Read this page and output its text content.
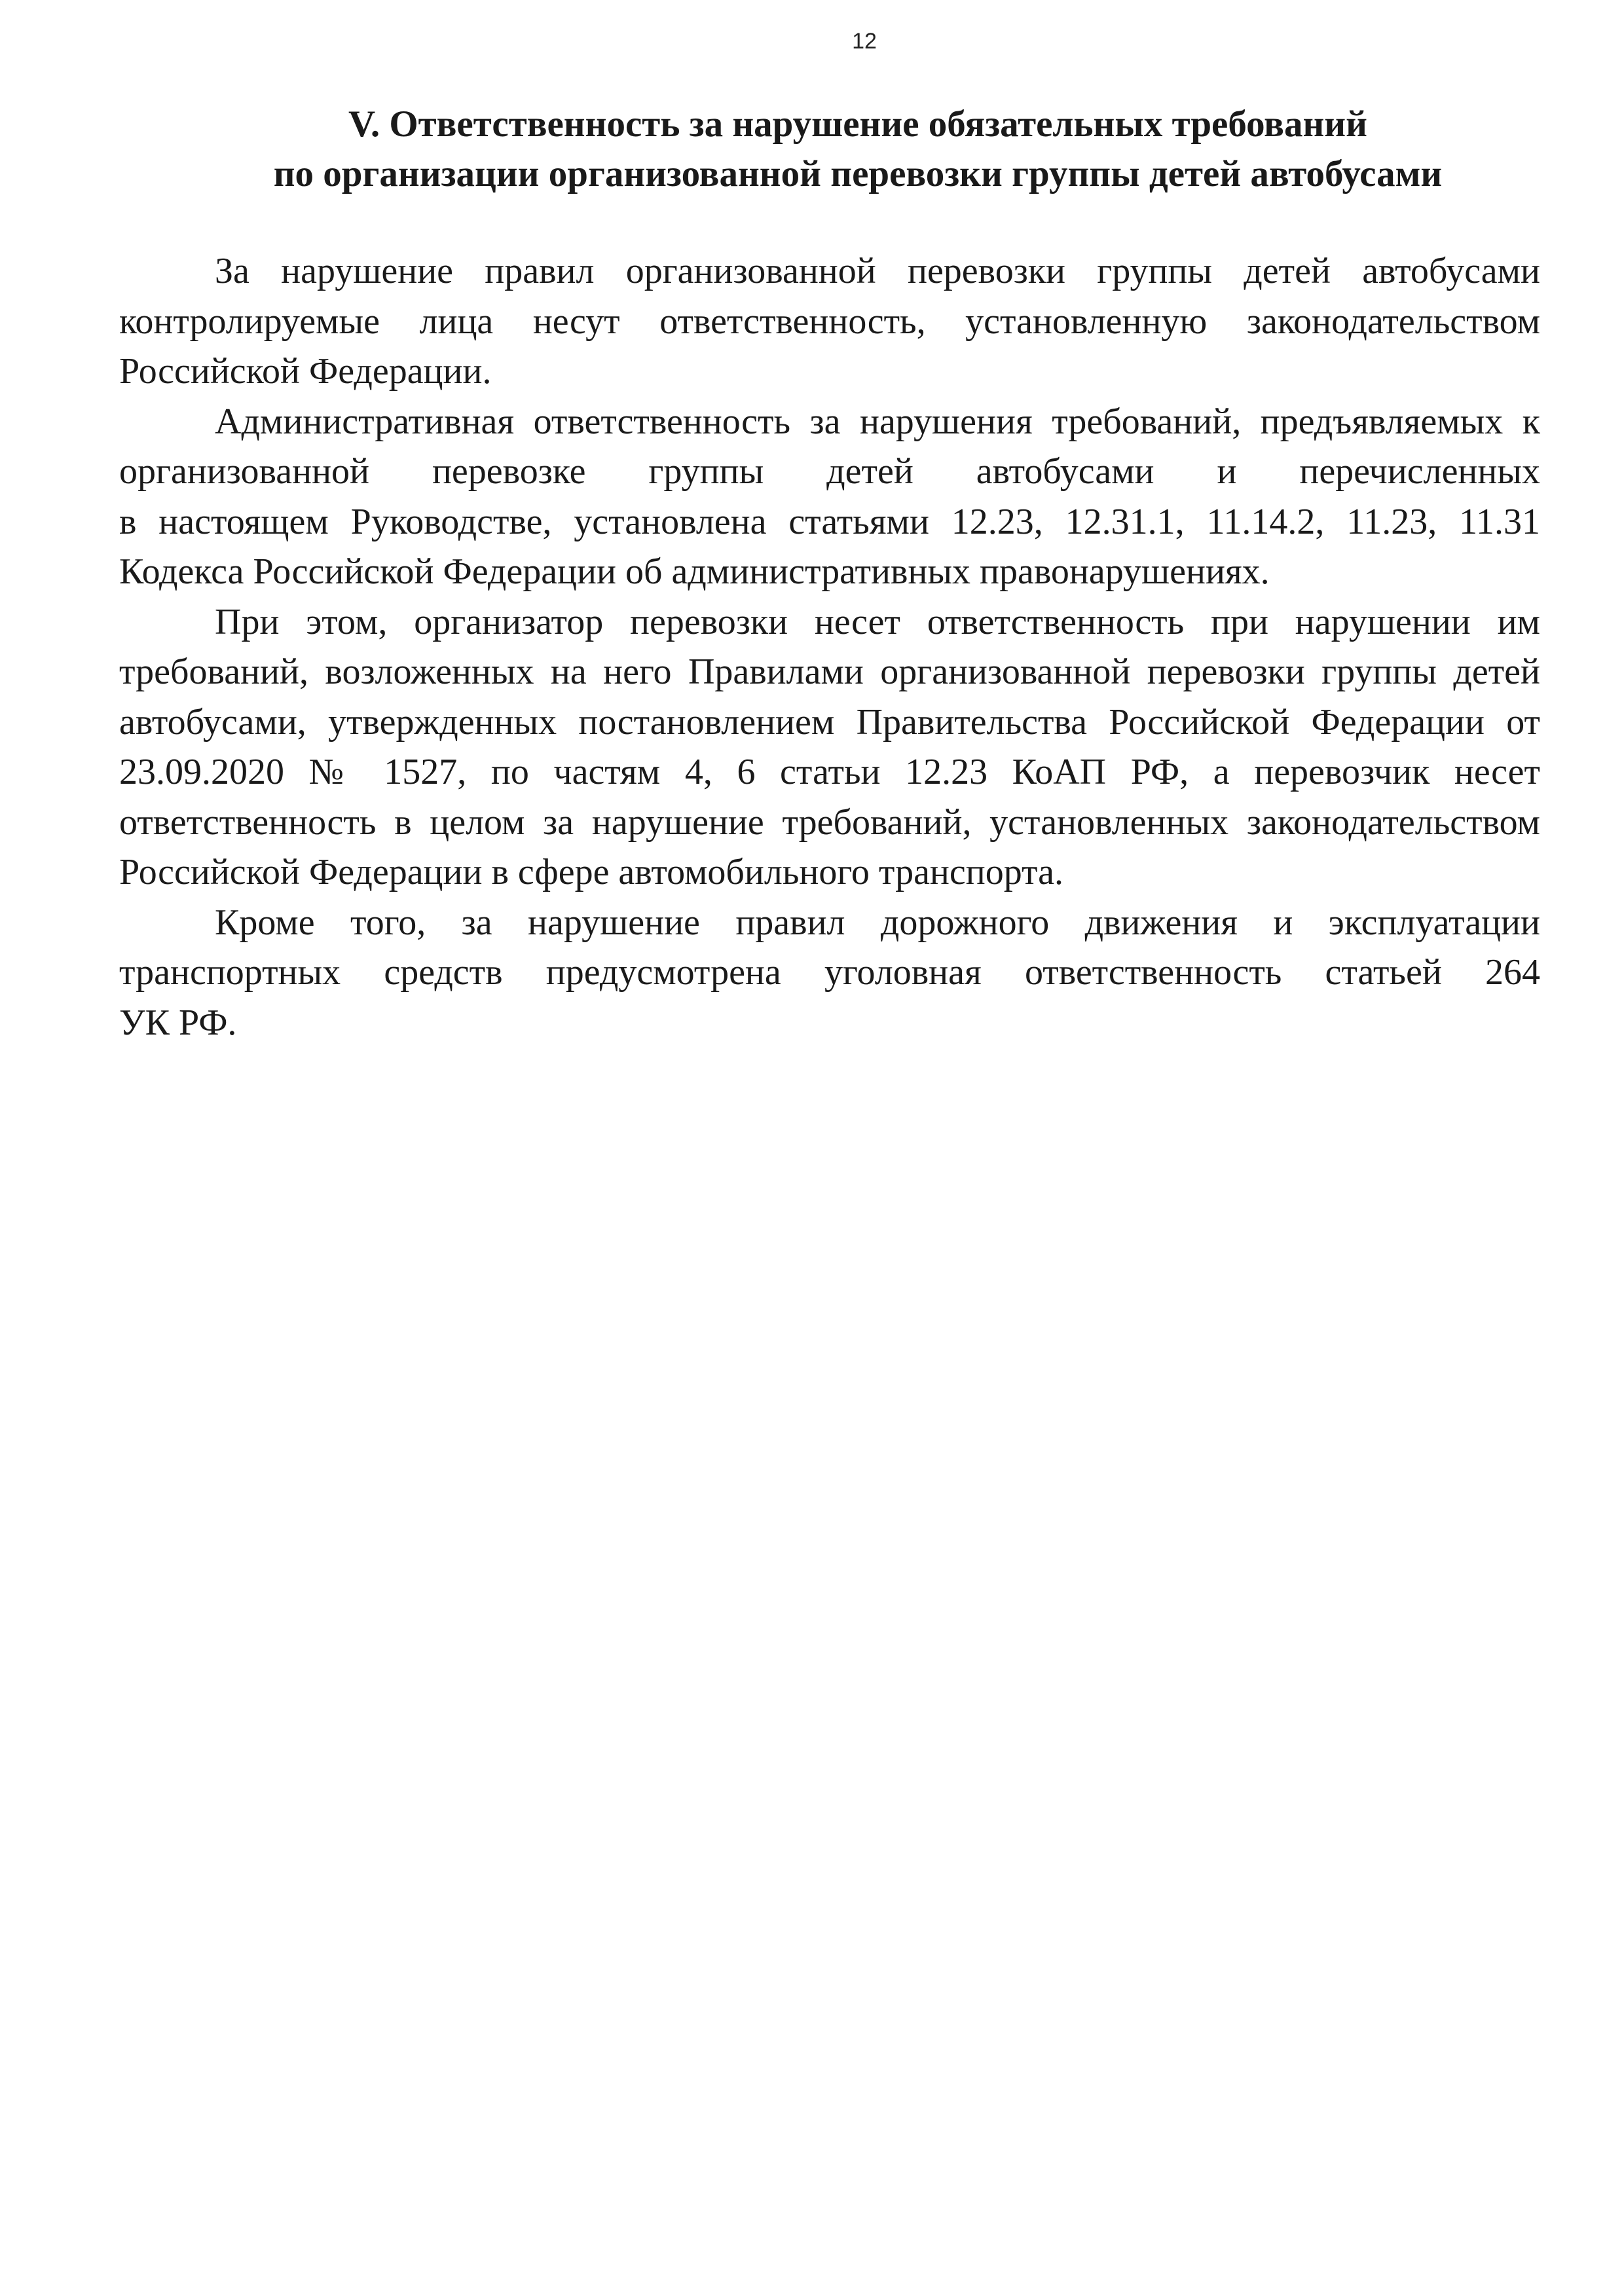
12
V. Ответственность за нарушение обязательных требований
по организации организованной перевозки группы детей автобусами
За нарушение правил организованной перевозки группы детей автобусами
контролируемые лица несут ответственность, установленную законодательством
Российской Федерации.
Административная ответственность за нарушения требований, предъявляемых к
организованной перевозке группы детей автобусами и перечисленных
в настоящем Руководстве, установлена статьями 12.23, 12.31.1, 11.14.2, 11.23, 11.31
Кодекса Российской Федерации об административных правонарушениях.
При этом, организатор перевозки несет ответственность при нарушении им
требований, возложенных на него Правилами организованной перевозки группы детей
автобусами, утвержденных постановлением Правительства Российской Федерации от
23.09.2020 № 1527, по частям 4, 6 статьи 12.23 КоАП РФ, а перевозчик несет
ответственность в целом за нарушение требований, установленных законодательством
Российской Федерации в сфере автомобильного транспорта.
Кроме того, за нарушение правил дорожного движения и эксплуатации
транспортных средств предусмотрена уголовная ответственность статьей 264
УК РФ.
